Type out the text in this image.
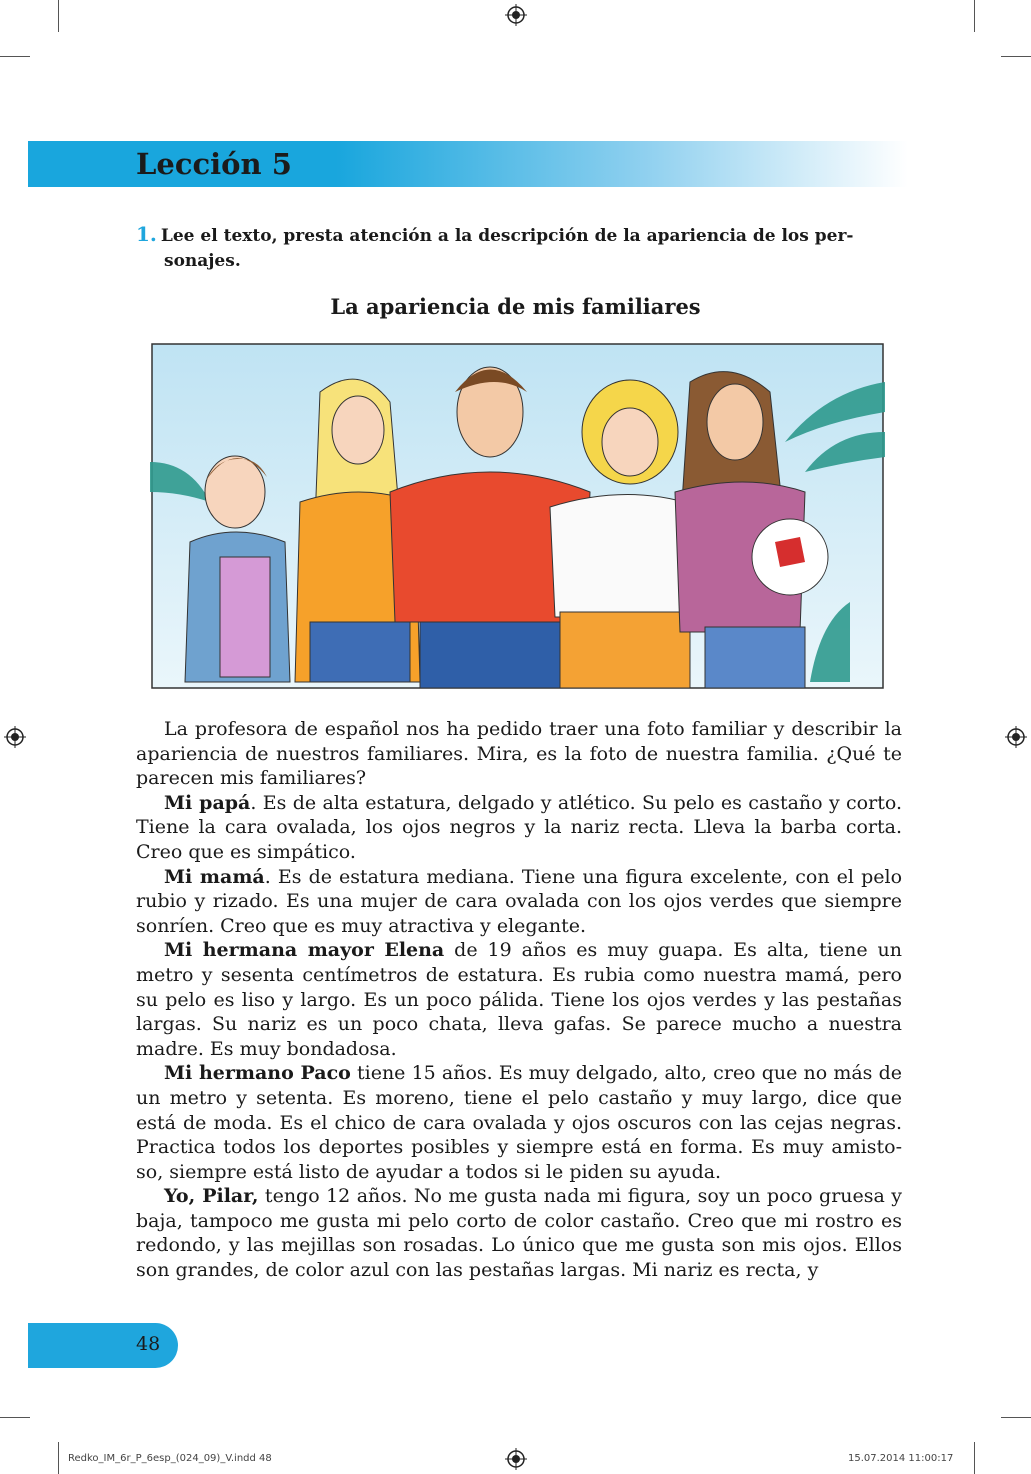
Lección 5
1. Lee el texto, presta atención a la descripción de la apariencia de los per-
sonajes.
La apariencia de mis familiares

La profesora de español nos ha pedido traer una foto familiar y describir la apariencia de nuestros familiares. Mira, es la foto de nuestra familia. ¿Qué te parecen mis familiares?

Mi papá. Es de alta estatura, delgado y atlético. Su pelo es castaño y corto. Tiene la cara ovalada, los ojos negros y la nariz recta. Lleva la barba corta. Creo que es simpático.

Mi mamá. Es de estatura mediana. Tiene una figura excelente, con el pelo rubio y rizado. Es una mujer de cara ovalada con los ojos verdes que siempre sonríen. Creo que es muy atractiva y elegante.

Mi hermana mayor Elena de 19 años es muy guapa. Es alta, tiene un metro y sesenta centímetros de estatura. Es rubia como nuestra mamá, pero su pelo es liso y largo. Es un poco pálida. Tiene los ojos verdes y las pestañas largas. Su nariz es un poco chata, lleva gafas. Se parece mucho a nuestra madre. Es muy bondadosa.

Mi hermano Paco tiene 15 años. Es muy delgado, alto, creo que no más de un metro y setenta. Es moreno, tiene el pelo castaño y muy largo, dice que está de moda. Es el chico de cara ovalada y ojos oscuros con las cejas negras. Practica todos los deportes posibles y siempre está en forma. Es muy amisto-so, siempre está listo de ayudar a todos si le piden su ayuda.

Yo, Pilar, tengo 12 años. No me gusta nada mi figura, soy un poco gruesa y baja, tampoco me gusta mi pelo corto de color castaño. Creo que mi rostro es redondo, y las mejillas son rosadas. Lo único que me gusta son mis ojos. Ellos son grandes, de color azul con las pestañas largas. Mi nariz es recta, y

48
Redko_IM_6r_P_6esp_(024_09)_V.indd 48	15.07.2014 11:00:17
